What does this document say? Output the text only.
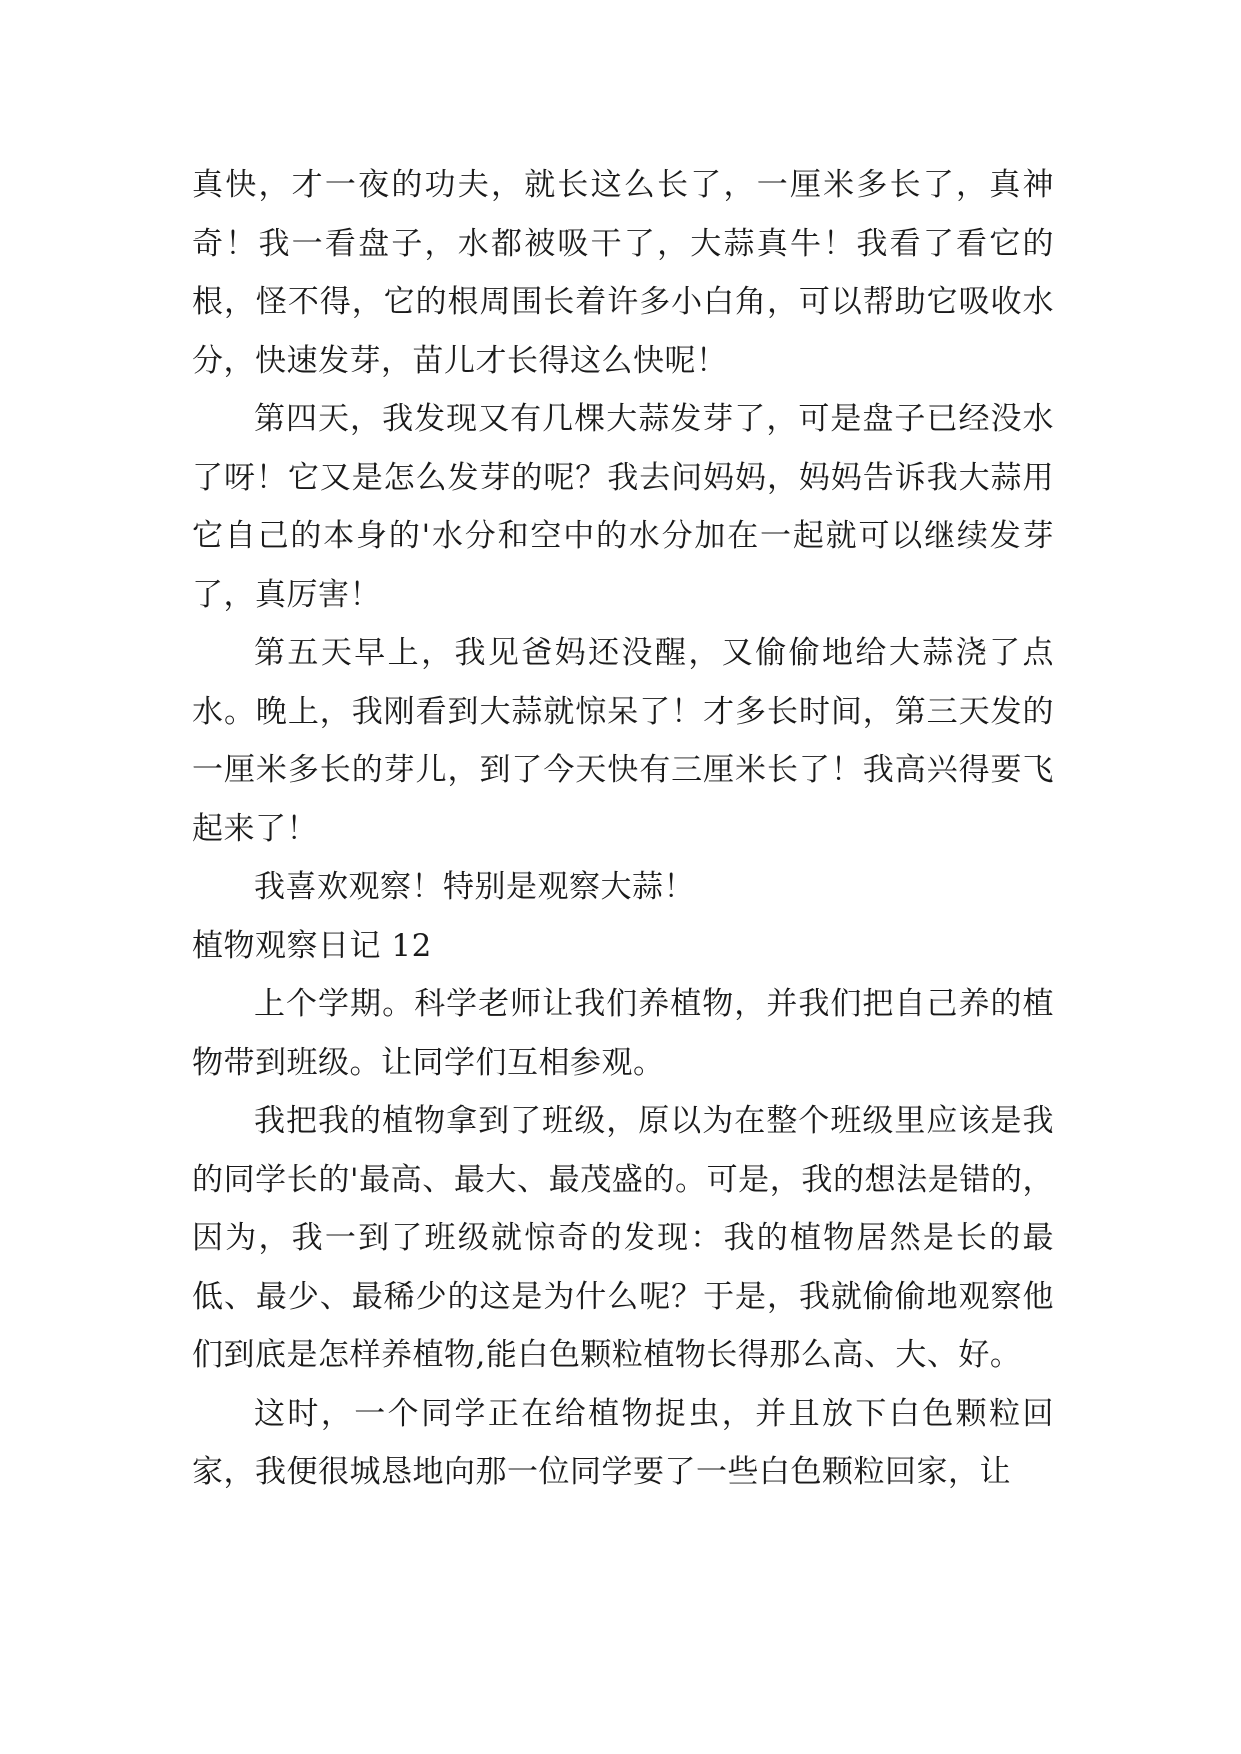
真快，才一夜的功夫，就长这么长了，一厘米多长了，真神奇！我一看盘子，水都被吸干了，大蒜真牛！我看了看它的根，怪不得，它的根周围长着许多小白角，可以帮助它吸收水分，快速发芽，苗儿才长得这么快呢！

第四天，我发现又有几棵大蒜发芽了，可是盘子已经没水了呀！它又是怎么发芽的呢？我去问妈妈，妈妈告诉我大蒜用它自己的本身的'水分和空中的水分加在一起就可以继续发芽了，真厉害！

第五天早上，我见爸妈还没醒，又偷偷地给大蒜浇了点水。晚上，我刚看到大蒜就惊呆了！才多长时间，第三天发的一厘米多长的芽儿，到了今天快有三厘米长了！我高兴得要飞起来了！

我喜欢观察！特别是观察大蒜！

植物观察日记 12

上个学期。科学老师让我们养植物，并我们把自己养的植物带到班级。让同学们互相参观。

我把我的植物拿到了班级，原以为在整个班级里应该是我的同学长的'最高、最大、最茂盛的。可是，我的想法是错的，因为，我一到了班级就惊奇的发现：我的植物居然是长的最低、最少、最稀少的这是为什么呢？于是，我就偷偷地观察他们到底是怎样养植物,能白色颗粒植物长得那么高、大、好。

这时，一个同学正在给植物捉虫，并且放下白色颗粒回家，我便很城恳地向那一位同学要了一些白色颗粒回家，让
